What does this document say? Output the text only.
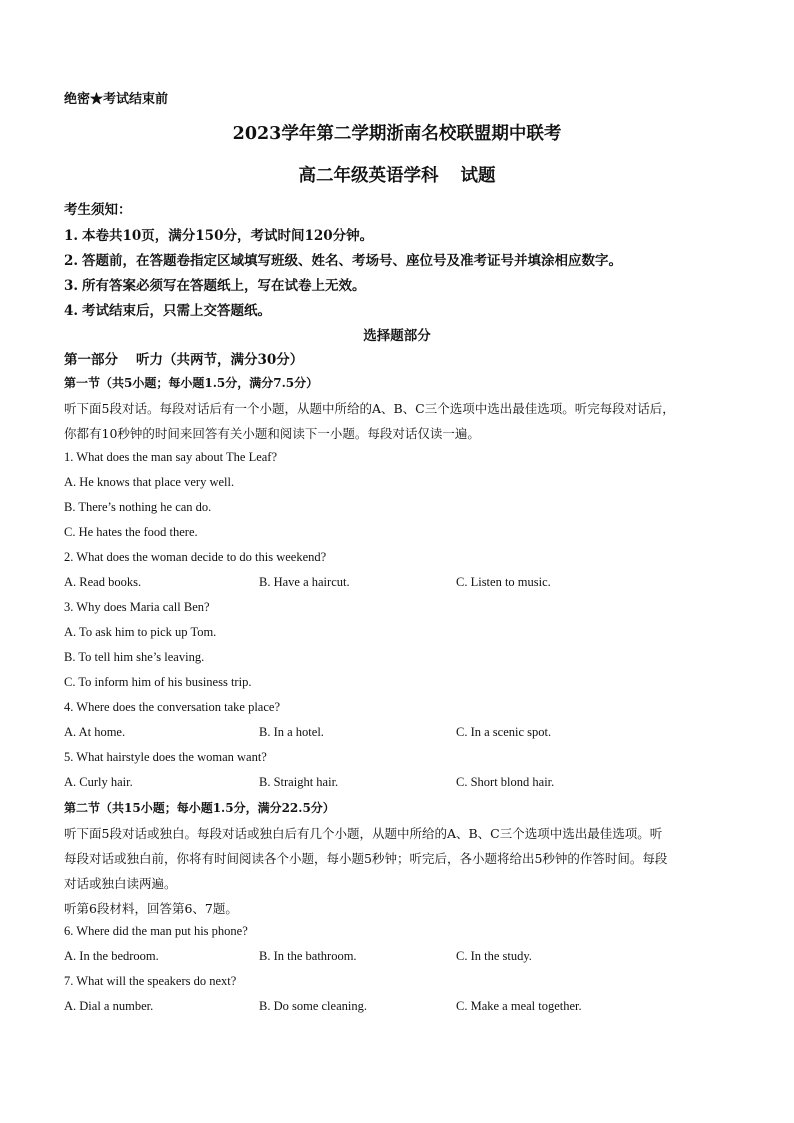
绝密★考试结束前
2023学年第二学期浙南名校联盟期中联考
高二年级英语学科 试题
考生须知：
1. 本卷共10页，满分150分，考试时间120分钟。
2. 答题前，在答题卷指定区域填写班级、姓名、考场号、座位号及准考证号并填涂相应数字。
3. 所有答案必须写在答题纸上，写在试卷上无效。
4. 考试结束后，只需上交答题纸。
选择题部分
第一部分 听力（共两节，满分30分）
第一节（共5小题；每小题1.5分，满分7.5分）
听下面5段对话。每段对话后有一个小题，从题中所给的A、B、C三个选项中选出最佳选项。听完每段对话后，
你都有10秒钟的时间来回答有关小题和阅读下一小题。每段对话仅读一遍。
1. What does the man say about The Leaf?
A. He knows that place very well.
B. There’s nothing he can do.
C. He hates the food there.
2. What does the woman decide to do this weekend?
A. Read books.	B. Have a haircut.	C. Listen to music.
3. Why does Maria call Ben?
A. To ask him to pick up Tom.
B. To tell him she’s leaving.
C. To inform him of his business trip.
4. Where does the conversation take place?
A. At home.	B. In a hotel.	C. In a scenic spot.
5. What hairstyle does the woman want?
A. Curly hair.	B. Straight hair.	C. Short blond hair.
第二节（共15小题；每小题1.5分，满分22.5分）
听下面5段对话或独白。每段对话或独白后有几个小题，从题中所给的A、B、C三个选项中选出最佳选项。听
每段对话或独白前，你将有时间阅读各个小题，每小题5秒钟；听完后，各小题将给出5秒钟的作答时间。每段
对话或独白读两遍。
听第6段材料，回答第6、7题。
6. Where did the man put his phone?
A. In the bedroom.	B. In the bathroom.	C. In the study.
7. What will the speakers do next?
A. Dial a number.	B. Do some cleaning.	C. Make a meal together.
